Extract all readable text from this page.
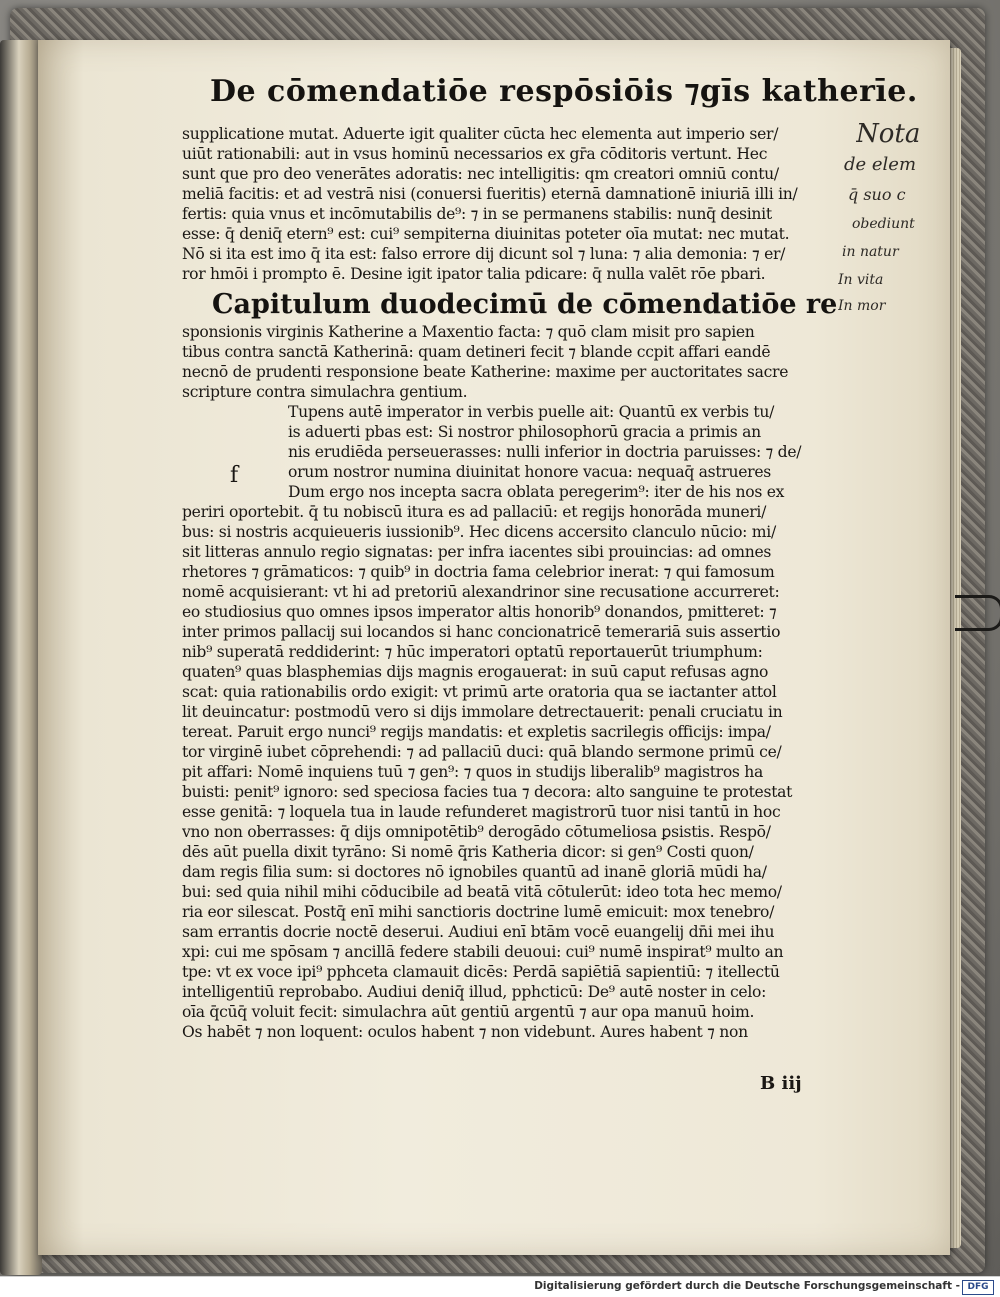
De cōmendatiōe respōsiōis ⁊gīs katherīe.
supplicatione mutat. Aduerte igit qualiter cūcta hec elementa aut imperio ser/
uiūt rationabili: aut in vsus hominū necessarios ex gr̄a cōditoris vertunt. Hec
sunt que pro deo venerātes adoratis: nec intelligitis: qm creatori omniū contu/
meliā facitis: et ad vestrā nisi (conuersi fueritis) eternā damnationē iniuriā illi in/
fertis: quia vnus et incōmutabilis de⁹: ⁊ in se permanens stabilis: nunq̄ desinit
esse: q̄ deniq̄ etern⁹ est: cui⁹ sempiterna diuinitas poteter oīa mutat: nec mutat.
Nō si ita est imo q̄ ita est: falso errore dij dicunt sol ⁊ luna: ⁊ alia demonia: ⁊ er/
ror hmōi i prompto ē. Desine igit ipator talia pdicare: q̄ nulla valēt rōe pbari.
Capitulum duodecimū de cōmendatiōe re
sponsionis virginis Katherine a Maxentio facta: ⁊ quō clam misit pro sapien
tibus contra sanctā Katherinā: quam detineri fecit ⁊ blande ccpit affari eandē
necnō de prudenti responsione beate Katherine: maxime per auctoritates sacre
scripture contra simulachra gentium.
Tupens autē imperator in verbis puelle ait: Quantū ex verbis tu/
is aduerti pbas est: Si nostror philosophorū gracia a primis an
nis erudiēda perseuerasses: nulli inferior in doctria paruisses: ⁊ de/
orum nostror numina diuinitat honore vacua: nequaq̄ astrueres
Dum ergo nos incepta sacra oblata peregerim⁹: iter de his nos ex
periri oportebit. q̄ tu nobiscū itura es ad pallaciū: et regijs honorāda muneri/
bus: si nostris acquieueris iussionib⁹. Hec dicens accersito clanculo nūcio: mi/
sit litteras annulo regio signatas: per infra iacentes sibi prouincias: ad omnes
rhetores ⁊ grāmaticos: ⁊ quib⁹ in doctria fama celebrior inerat: ⁊ qui famosum
nomē acquisierant: vt hi ad pretoriū alexandrinor sine recusatione accurreret:
eo studiosius quo omnes ipsos imperator altis honorib⁹ donandos, pmitteret: ⁊
inter primos pallacij sui locandos si hanc concionatricē temerariā suis assertio
nib⁹ superatā reddiderint: ⁊ hūc imperatori optatū reportauerūt triumphum:
quaten⁹ quas blasphemias dijs magnis erogauerat: in suū caput refusas agno
scat: quia rationabilis ordo exigit: vt primū arte oratoria qua se iactanter attol
lit deuincatur: postmodū vero si dijs immolare detrectauerit: penali cruciatu in
tereat. Paruit ergo nunci⁹ regijs mandatis: et expletis sacrilegis officijs: impa/
tor virginē iubet cōprehendi: ⁊ ad pallaciū duci: quā blando sermone primū ce/
pit affari: Nomē inquiens tuū ⁊ gen⁹: ⁊ quos in studijs liberalib⁹ magistros ha
buisti: penit⁹ ignoro: sed speciosa facies tua ⁊ decora: alto sanguine te protestat
esse genitā: ⁊ loquela tua in laude refunderet magistrorū tuor nisi tantū in hoc
vno non oberrasses: q̄ dijs omnipotētib⁹ derogādo cōtumeliosa ꝑsistis. Respō/
dēs aūt puella dixit tyrāno: Si nomē q̄ris Katheria dicor: si gen⁹ Costi quon/
dam regis filia sum: si doctores nō ignobiles quantū ad inanē gloriā mūdi ha/
bui: sed quia nihil mihi cōducibile ad beatā vitā cōtulerūt: ideo tota hec memo/
ria eor silescat. Postq̄ enī mihi sanctioris doctrine lumē emicuit: mox tenebro/
sam errantis docrie noctē deserui. Audiui enī btām vocē euangelij dn̄i mei ihu
xpi: cui me spōsam ⁊ ancillā federe stabili deuoui: cui⁹ numē inspirat⁹ multo an
tpe: vt ex voce ipi⁹ pphceta clamauit dicēs: Perdā sapiētiā sapientiū: ⁊ itellectū
intelligentiū reprobabo. Audiui deniq̄ illud, pphcticū: De⁹ autē noster in celo:
oīa q̄cūq̄ voluit fecit: simulachra aūt gentiū argentū ⁊ aur opa manuū hoim.
Os habēt ⁊ non loquent: oculos habent ⁊ non videbunt. Aures habent ⁊ non
f
B iij
Nota
de elem
q̄ suo c
obediunt
in natur
In vita
In mor
Digitalisierung gefördert durch die Deutsche Forschungsgemeinschaft - DFG
